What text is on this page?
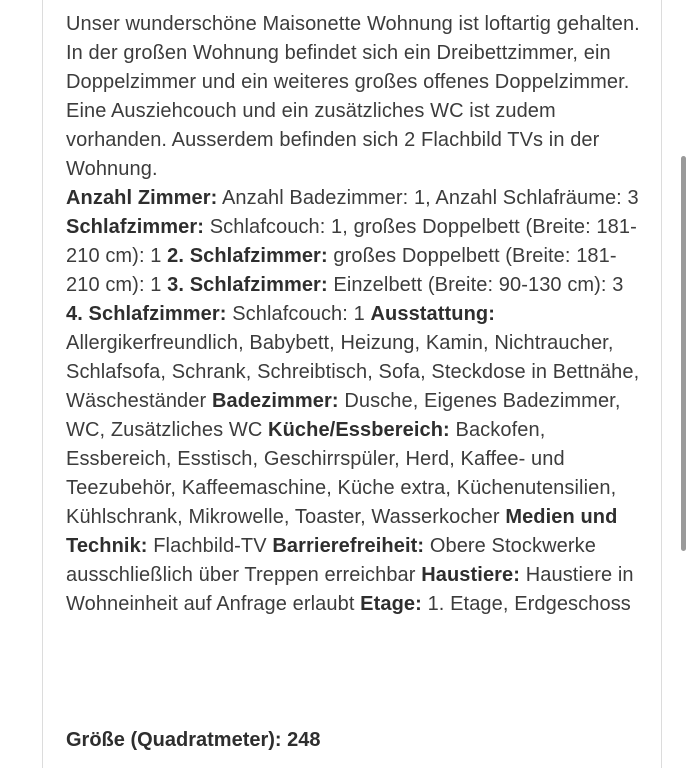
Unser wunderschöne Maisonette Wohnung ist loftartig gehalten. In der großen Wohnung befindet sich ein Dreibettzimmer, ein Doppelzimmer und ein weiteres großes offenes Doppelzimmer. Eine Ausziehcouch und ein zusätzliches WC ist zudem vorhanden. Ausserdem befinden sich 2 Flachbild TVs in der Wohnung.
Anzahl Zimmer: Anzahl Badezimmer: 1, Anzahl Schlafräume: 3 Schlafzimmer: Schlafcouch: 1, großes Doppelbett (Breite: 181-210 cm): 1 2. Schlafzimmer: großes Doppelbett (Breite: 181-210 cm): 1 3. Schlafzimmer: Einzelbett (Breite: 90-130 cm): 3 4. Schlafzimmer: Schlafcouch: 1 Ausstattung: Allergikerfreundlich, Babybett, Heizung, Kamin, Nichtraucher, Schlafsofa, Schrank, Schreibtisch, Sofa, Steckdose in Bettnähe, Wäscheständer Badezimmer: Dusche, Eigenes Badezimmer, WC, Zusätzliches WC Küche/Essbereich: Backofen, Essbereich, Esstisch, Geschirrspüler, Herd, Kaffee- und Teezubehör, Kaffeemaschine, Küche extra, Küchenutensilien, Kühlschrank, Mikrowelle, Toaster, Wasserkocher Medien und Technik: Flachbild-TV Barrierefreiheit: Obere Stockwerke ausschließlich über Treppen erreichbar Haustiere: Haustiere in Wohneinheit auf Anfrage erlaubt Etage: 1. Etage, Erdgeschoss

Größe (Quadratmeter): 248
